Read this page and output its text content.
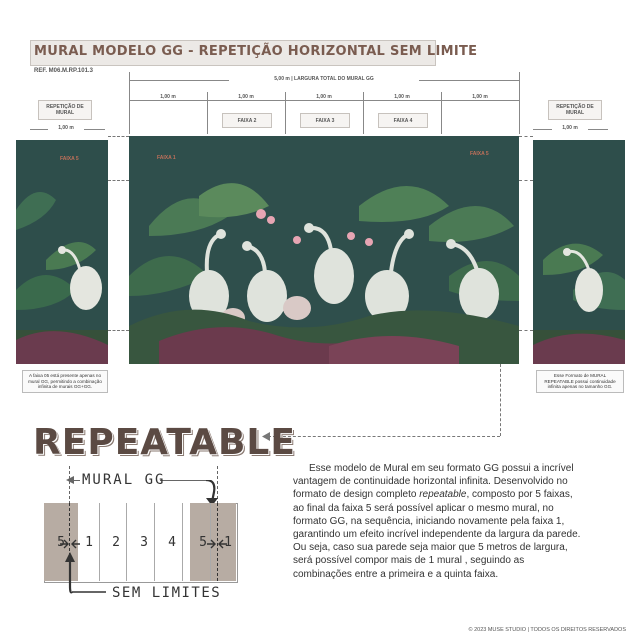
MURAL MODELO GG - REPETIÇÃO HORIZONTAL SEM LIMITE
REF. M06.M.RP.101.3
5,00 m | LARGURA TOTAL DO MURAL GG
1,00 m	1,00 m	1,00 m	1,00 m	1,00 m
FAIXA 2	FAIXA 3	FAIXA 4
REPETIÇÃO DE MURAL
REPETIÇÃO DE MURAL
1,00 m	1,00 m
FAIXA 5	FAIXA 1
FAIXA 5
A faixa 05 está presente apenas no mural GG, permitindo a combinação infinita de murais GG+GG.
Esse Formato de MURAL REPEATABLE possui continuidade infinita apenas no tamanho GG.
REPEATABLE
MURAL GG
5	1	2	3	4	5	1
SEM LIMITES
Esse modelo de Mural em seu formato GG possui a incrível vantagem de continuidade horizontal infinita. Desenvolvido no formato de design completo repeatable, composto por 5 faixas, ao final da faixa 5 será possível aplicar o mesmo mural, no formato GG, na sequência, iniciando novamente pela faixa 1, garantindo um efeito incrível independente da largura da parede. Ou seja, caso sua parede seja maior que 5 metros de largura, será possível compor mais de 1 mural , seguindo as combinações entre a primeira e a quinta faixa.
© 2023 MUSE STUDIO | TODOS OS DIREITOS RESERVADOS
